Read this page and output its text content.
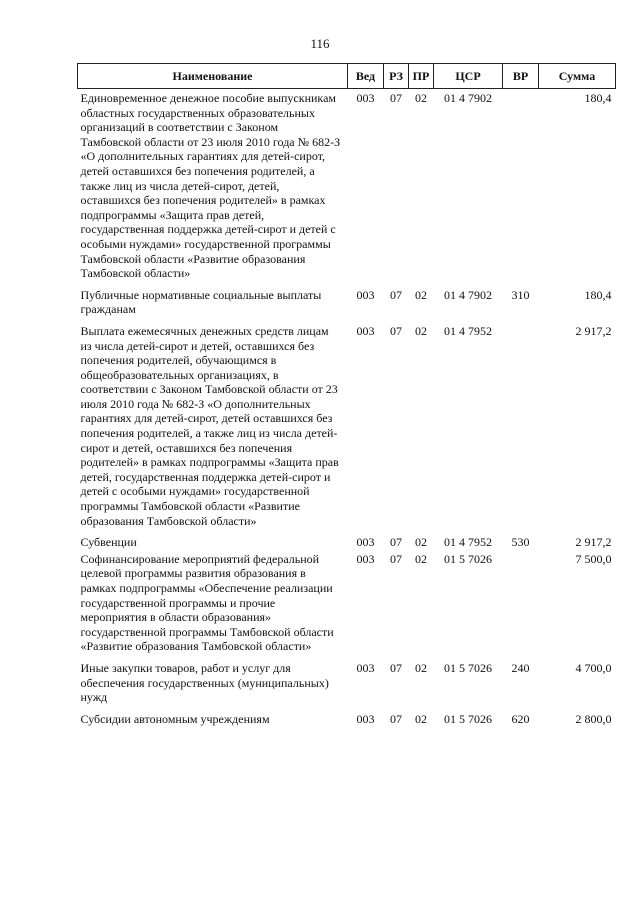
116
Наименование	Вед	РЗ	ПР	ЦСР	ВР	Сумма
Единовременное денежное пособие выпускникам областных государственных образовательных организаций в соответствии с Законом Тамбовской области от 23 июля 2010 года № 682-З «О дополнительных гарантиях для детей-сирот, детей оставшихся без попечения родителей, а также лиц из числа детей-сирот, детей, оставшихся без попечения родителей» в рамках подпрограммы «Защита прав детей, государственная поддержка детей-сирот и детей с особыми нуждами» государственной программы Тамбовской области «Развитие образования Тамбовской области»	003	07	02	01 4 7902		180,4
Публичные нормативные социальные выплаты гражданам	003	07	02	01 4 7902	310	180,4
Выплата ежемесячных денежных средств лицам из числа детей-сирот и детей, оставшихся без попечения родителей, обучающимся в общеобразовательных организациях, в соответствии с Законом Тамбовской области от 23 июля 2010 года № 682-З «О дополнительных гарантиях для детей-сирот, детей оставшихся без попечения родителей, а также лиц из числа детей-сирот и детей, оставшихся без попечения родителей» в рамках подпрограммы «Защита прав детей, государственная поддержка детей-сирот и детей с особыми нуждами» государственной программы Тамбовской области «Развитие образования Тамбовской области»	003	07	02	01 4 7952		2 917,2
Субвенции	003	07	02	01 4 7952	530	2 917,2
Софинансирование мероприятий федеральной целевой программы развития образования в рамках подпрограммы «Обеспечение реализации государственной программы и прочие мероприятия в области образования» государственной программы Тамбовской области «Развитие образования Тамбовской области»	003	07	02	01 5 7026		7 500,0
Иные закупки товаров, работ и услуг для обеспечения государственных (муниципальных) нужд	003	07	02	01 5 7026	240	4 700,0
Субсидии автономным учреждениям	003	07	02	01 5 7026	620	2 800,0
